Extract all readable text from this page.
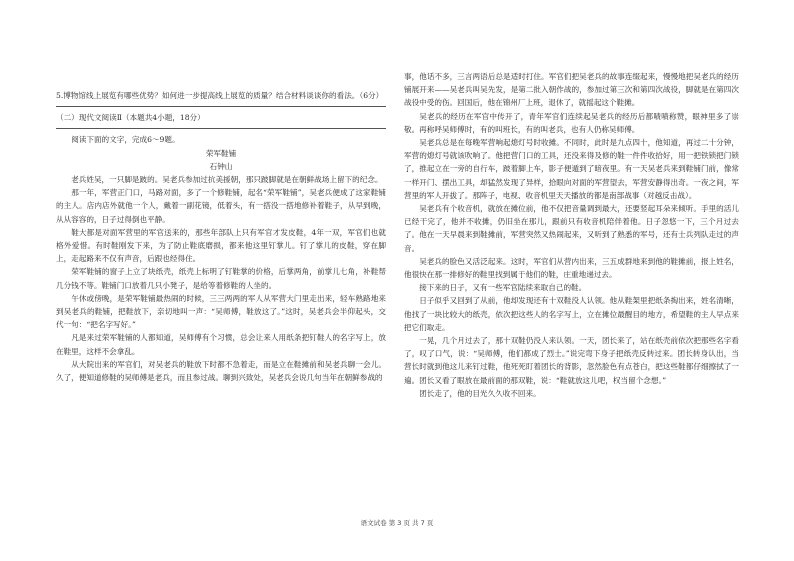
5.博物馆线上展览有哪些优势？如何进一步提高线上展览的质量？结合材料谈谈你的看法。（6分）

（二）现代文阅读Ⅱ（本题共4小题，18分）

阅读下面的文字，完成6～9题。

荣军鞋铺

石钟山

老兵姓吴，一只脚是跛的。吴老兵参加过抗美援朝，那只跛脚就是在朝鲜战场上留下的纪念。

那一年，军营正门口，马路对面，多了一个修鞋铺，起名“荣军鞋铺”，吴老兵便成了这家鞋铺的主人。店内店外就他一个人，戴着一副花镜，低着头，有一搭没一搭地修补着鞋子，从早到晚，从从容容的，日子过得倒也平静。

鞋大都是对面军营里的军官送来的，那些年部队上只有军官才发皮鞋，4年一双，军官们也就格外爱惜。有时鞋刚发下来，为了防止鞋底磨损，都来他这里钉掌儿。钉了掌儿的皮鞋，穿在脚上，走起路来不仅有声音，后跟也经得住。

荣军鞋铺的窗子上立了块纸壳，纸壳上标明了钉鞋掌的价格，后掌两角，前掌儿七角，补鞋帮几分钱不等。鞋铺门口放着几只小凳子，是给等着修鞋的人坐的。

午休或傍晚，是荣军鞋铺最热闹的时候，三三两两的军人从军营大门里走出来，轻车熟路地来到吴老兵的鞋铺，把鞋放下，亲切地叫一声：“吴师傅，鞋放这了。”这时，吴老兵会半仰起头，交代一句：“把名字写好。”

凡是来过荣军鞋铺的人都知道，吴师傅有个习惯，总会让来人用纸条把钉鞋人的名字写上，放在鞋里，这样不会拿乱。

从大院出来的军官们，对吴老兵的鞋放下时都不急着走，而是立在鞋摊前和吴老兵聊一会儿。久了，便知道修鞋的吴师傅是老兵，而且参过战。聊到兴致处，吴老兵会说几句当年在朝鲜参战的

事，他话不多，三言两语后总是适时打住。军官们把吴老兵的故事连缀起来，慢慢地把吴老兵的经历铺展开来——吴老兵叫吴先发，是第二批入朝作战的，参加过第三次和第四次战役，脚就是在第四次战役中受的伤。回国后，他在锦州厂上班，退休了，就摇起这个鞋摊。

吴老兵的经历在军官中传开了，青年军官们连续起吴老兵的经历后都啧啧称赞，眼神里多了崇敬。再称呼吴师傅时，有的叫班长，有的叫老兵，也有人仍称吴师傅。

吴老兵总是在每晚军营响起熄灯号时收摊。不同时，此时是九点四十，他知道，再过二十分钟，军营的熄灯号就该吹响了。他把营门口的工具，还没来得及修的鞋一件件收拾好，用一把铁锁把门锁了，推起立在一旁的自行车，跛着脚上车，影子便遁到了暗夜里。有一天吴老兵来到鞋铺门前，像常一样开门、摆出工具，却猛然发现了异样，拾眼向对面的军营望去，军营安静得出奇。一夜之间，军营里的军人开拔了。那阵子，电视、收音机里天天播放的都是南部战事（对越反击战）。

吴老兵有个收音机，就放在摊位前，他不仅把音量调到最大，还要竖起耳朵来倾听。手里的活儿已经干完了，他并不收摊，仍旧坐在那儿，跟前只有收音机陪伴着他。日子忽悠一下，三个月过去了。他在一天早晨来到鞋摊前，军营突然又热闹起来，又听到了熟悉的军号，还有士兵列队走过的声音。

吴老兵的脸色又活泛起来。这时，军官们从营内出来，三五成群地来到他的鞋摊前，报上姓名，他很快在那一排修好的鞋里找到属于他们的鞋，庄重地递过去。

接下来的日子，又有一些军官陆续来取自己的鞋。

日子似乎又回到了从前，他却发现还有十双鞋没人认领。他从鞋架里把纸条掏出来，姓名清晰，他找了一块比较大的纸壳，依次把这些人的名字写上，立在摊位最醒目的地方，希望鞋的主人早点来把它们取走。

一晃，几个月过去了，那十双鞋仍没人来认领。一天，团长来了，站在纸壳前依次把那些名字看了，叹了口气，说：“吴师傅，他们都成了烈士。”说完弯下身子把纸壳反转过来。团长转身认出，当营长时就到他这儿来钉过鞋，他死死盯着团长的背影，忽然脸色有点苍白，把这些鞋都仔细擦拭了一遍。团长又看了眼放在最前面的那双鞋，说：“鞋就放这儿吧，权当留个念想。”

团长走了，他的目光久久收不回来。

语文试卷 第 3 页 共 7 页
